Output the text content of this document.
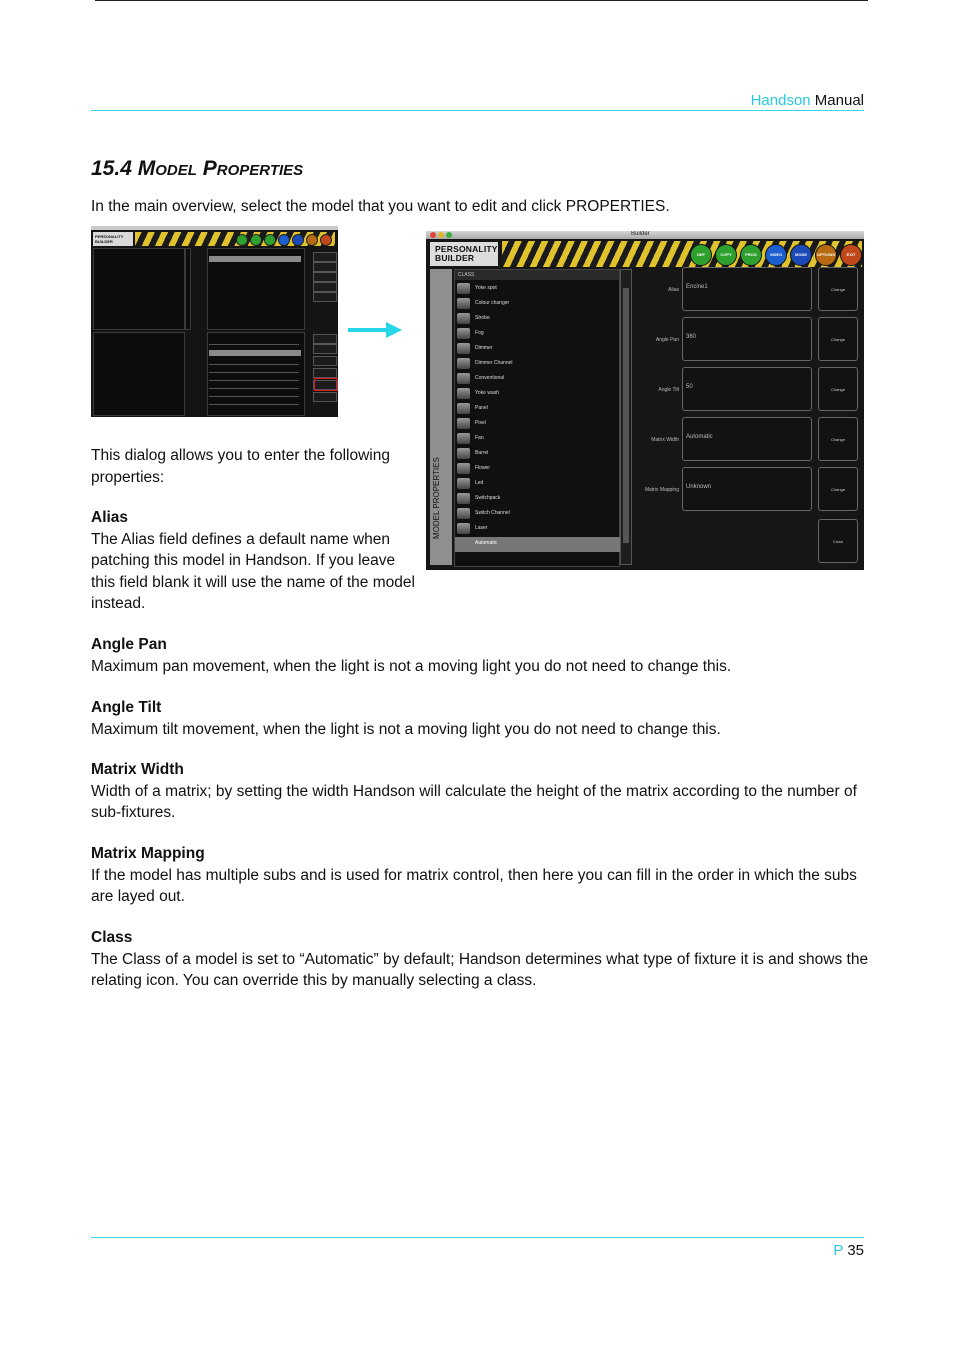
Handson Manual
15.4 MODEL PROPERTIES

In the main overview, select the model that you want to edit and click PROPERTIES.

PERSONALITY BUILDER
Builder
PERSONALITY
BUILDER	DEF	COPY	PROG	VIDEO	MODE	OPTIONS	EXIT
MODEL PROPERTIES
CLASS
Yoke spot
Colour changer
Strobe
Fog
Dimmer
Dimmer Channel
Conventional
Yoke wash
Panel
Pixel
Fan
Barrel
Flower
Led
Switchpack
Switch Channel
Laser
Automatic
Alias	Encine1	Change
Angle Pan	360	Change
Angle Tilt	50	Change
Matrix Width	Automatic	Change
Matrix Mapping	Unknown	Change
Close

This dialog allows you to enter the following properties:

Alias

The Alias field defines a default name when patching this model in Handson. If you leave this field blank it will use the name of the model instead.

Angle Pan

Maximum pan movement, when the light is not a moving light you do not need to change this.

Angle Tilt

Maximum tilt movement, when the light is not a moving light you do not need to change this.

Matrix Width

Width of a matrix; by setting the width Handson will calculate the height of the matrix according to the number of sub-fixtures.

Matrix Mapping

If the model has multiple subs and is used for matrix control, then here you can fill in the order in which the subs are layed out.

Class

The Class of a model is set to “Automatic” by default; Handson determines what type of fixture it is and shows the relating icon. You can override this by manually selecting a class.

P 35
